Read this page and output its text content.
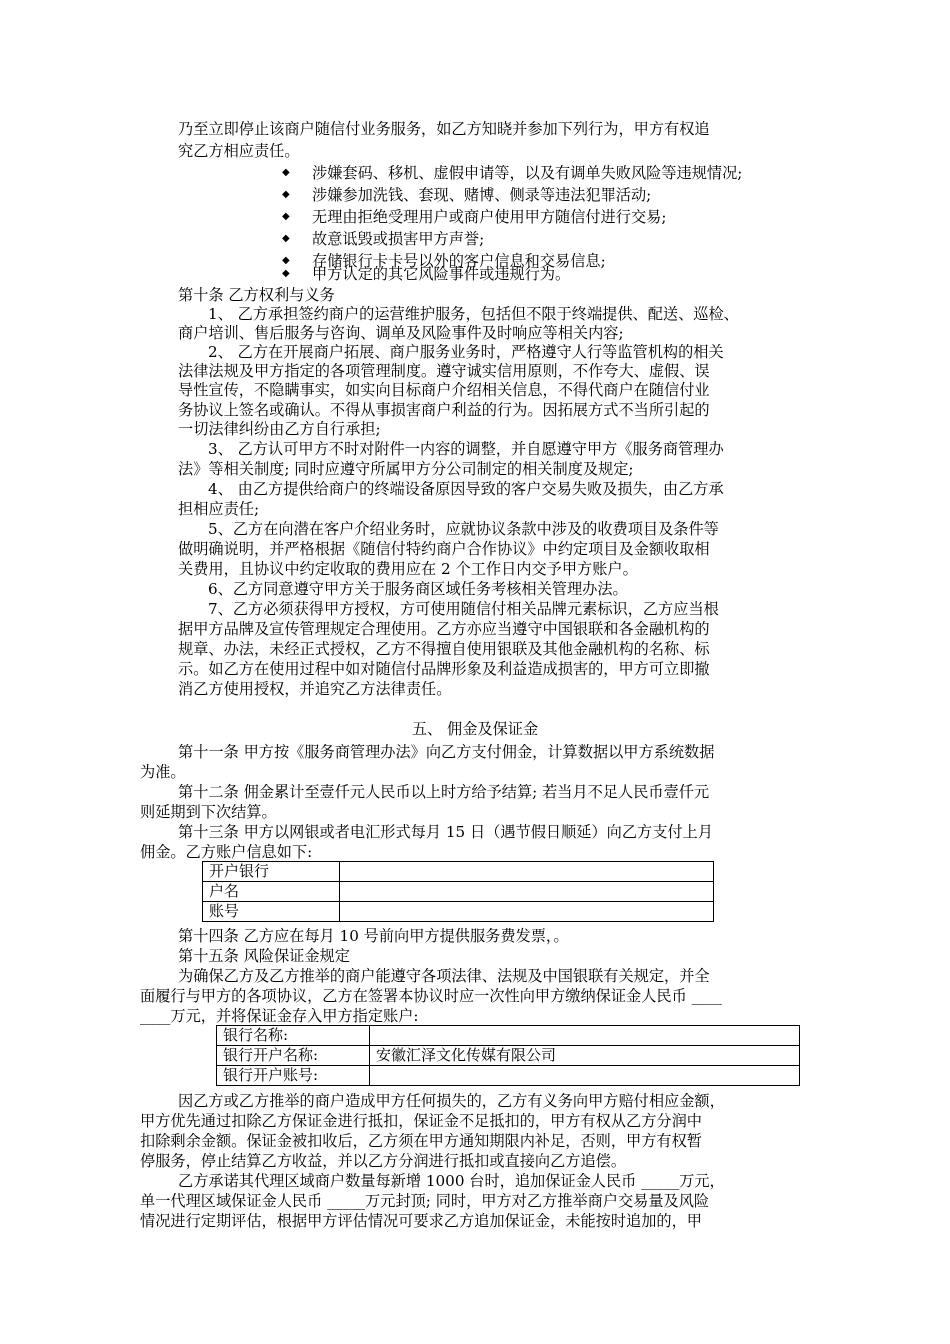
乃至立即停止该商户随信付业务服务，如乙方知晓并参加下列行为，甲方有权追
究乙方相应责任。
◆ 涉嫌套码、移机、虚假申请等，以及有调单失败风险等违规情况;
◆ 涉嫌参加洗钱、套现、赌博、侧录等违法犯罪活动;
◆ 无理由拒绝受理用户或商户使用甲方随信付进行交易;
◆ 故意诋毁或损害甲方声誉;
◆ 存储银行卡卡号以外的客户信息和交易信息;
◆ 甲方认定的其它风险事件或违规行为。
第十条 乙方权利与义务
1、 乙方承担签约商户的运营维护服务，包括但不限于终端提供、配送、巡检、
商户培训、售后服务与咨询、调单及风险事件及时响应等相关内容;
2、 乙方在开展商户拓展、商户服务业务时，严格遵守人行等监管机构的相关
法律法规及甲方指定的各项管理制度。遵守诚实信用原则，不作夸大、虚假、误
导性宣传，不隐瞒事实，如实向目标商户介绍相关信息，不得代商户在随信付业
务协议上签名或确认。不得从事损害商户利益的行为。因拓展方式不当所引起的
一切法律纠纷由乙方自行承担;
3、 乙方认可甲方不时对附件一内容的调整，并自愿遵守甲方《服务商管理办
法》等相关制度; 同时应遵守所属甲方分公司制定的相关制度及规定;
4、 由乙方提供给商户的终端设备原因导致的客户交易失败及损失，由乙方承
担相应责任;
5、乙方在向潜在客户介绍业务时，应就协议条款中涉及的收费项目及条件等
做明确说明，并严格根据《随信付特约商户合作协议》中约定项目及金额收取相
关费用，且协议中约定收取的费用应在 2 个工作日内交予甲方账户。
6、乙方同意遵守甲方关于服务商区域任务考核相关管理办法。
7、乙方必须获得甲方授权，方可使用随信付相关品牌元素标识，乙方应当根
据甲方品牌及宣传管理规定合理使用。乙方亦应当遵守中国银联和各金融机构的
规章、办法，未经正式授权，乙方不得擅自使用银联及其他金融机构的名称、标
示。如乙方在使用过程中如对随信付品牌形象及利益造成损害的，甲方可立即撤
消乙方使用授权，并追究乙方法律责任。
五、 佣金及保证金
第十一条 甲方按《服务商管理办法》向乙方支付佣金，计算数据以甲方系统数据
为准。
第十二条 佣金累计至壹仟元人民币以上时方给予结算; 若当月不足人民币壹仟元
则延期到下次结算。
第十三条 甲方以网银或者电汇形式每月 15 日（遇节假日顺延）向乙方支付上月
佣金。乙方账户信息如下:
开户银行	
户名	
账号	
第十四条 乙方应在每月 10 号前向甲方提供服务费发票，。
第十五条 风险保证金规定
为确保乙方及乙方推举的商户能遵守各项法律、法规及中国银联有关规定，并全
面履行与甲方的各项协议，乙方在签署本协议时应一次性向甲方缴纳保证金人民币 ____
____万元，并将保证金存入甲方指定账户:
银行名称:	
银行开户名称:	安徽汇泽文化传媒有限公司
银行开户账号:	
因乙方或乙方推举的商户造成甲方任何损失的，乙方有义务向甲方赔付相应金额，
甲方优先通过扣除乙方保证金进行抵扣，保证金不足抵扣的，甲方有权从乙方分润中
扣除剩余金额。保证金被扣收后，乙方须在甲方通知期限内补足，否则，甲方有权暂
停服务，停止结算乙方收益，并以乙方分润进行抵扣或直接向乙方追偿。
乙方承诺其代理区域商户数量每新增 1000 台时，追加保证金人民币 _____万元，
单一代理区域保证金人民币 _____万元封顶; 同时，甲方对乙方推举商户交易量及风险
情况进行定期评估，根据甲方评估情况可要求乙方追加保证金，未能按时追加的，甲
